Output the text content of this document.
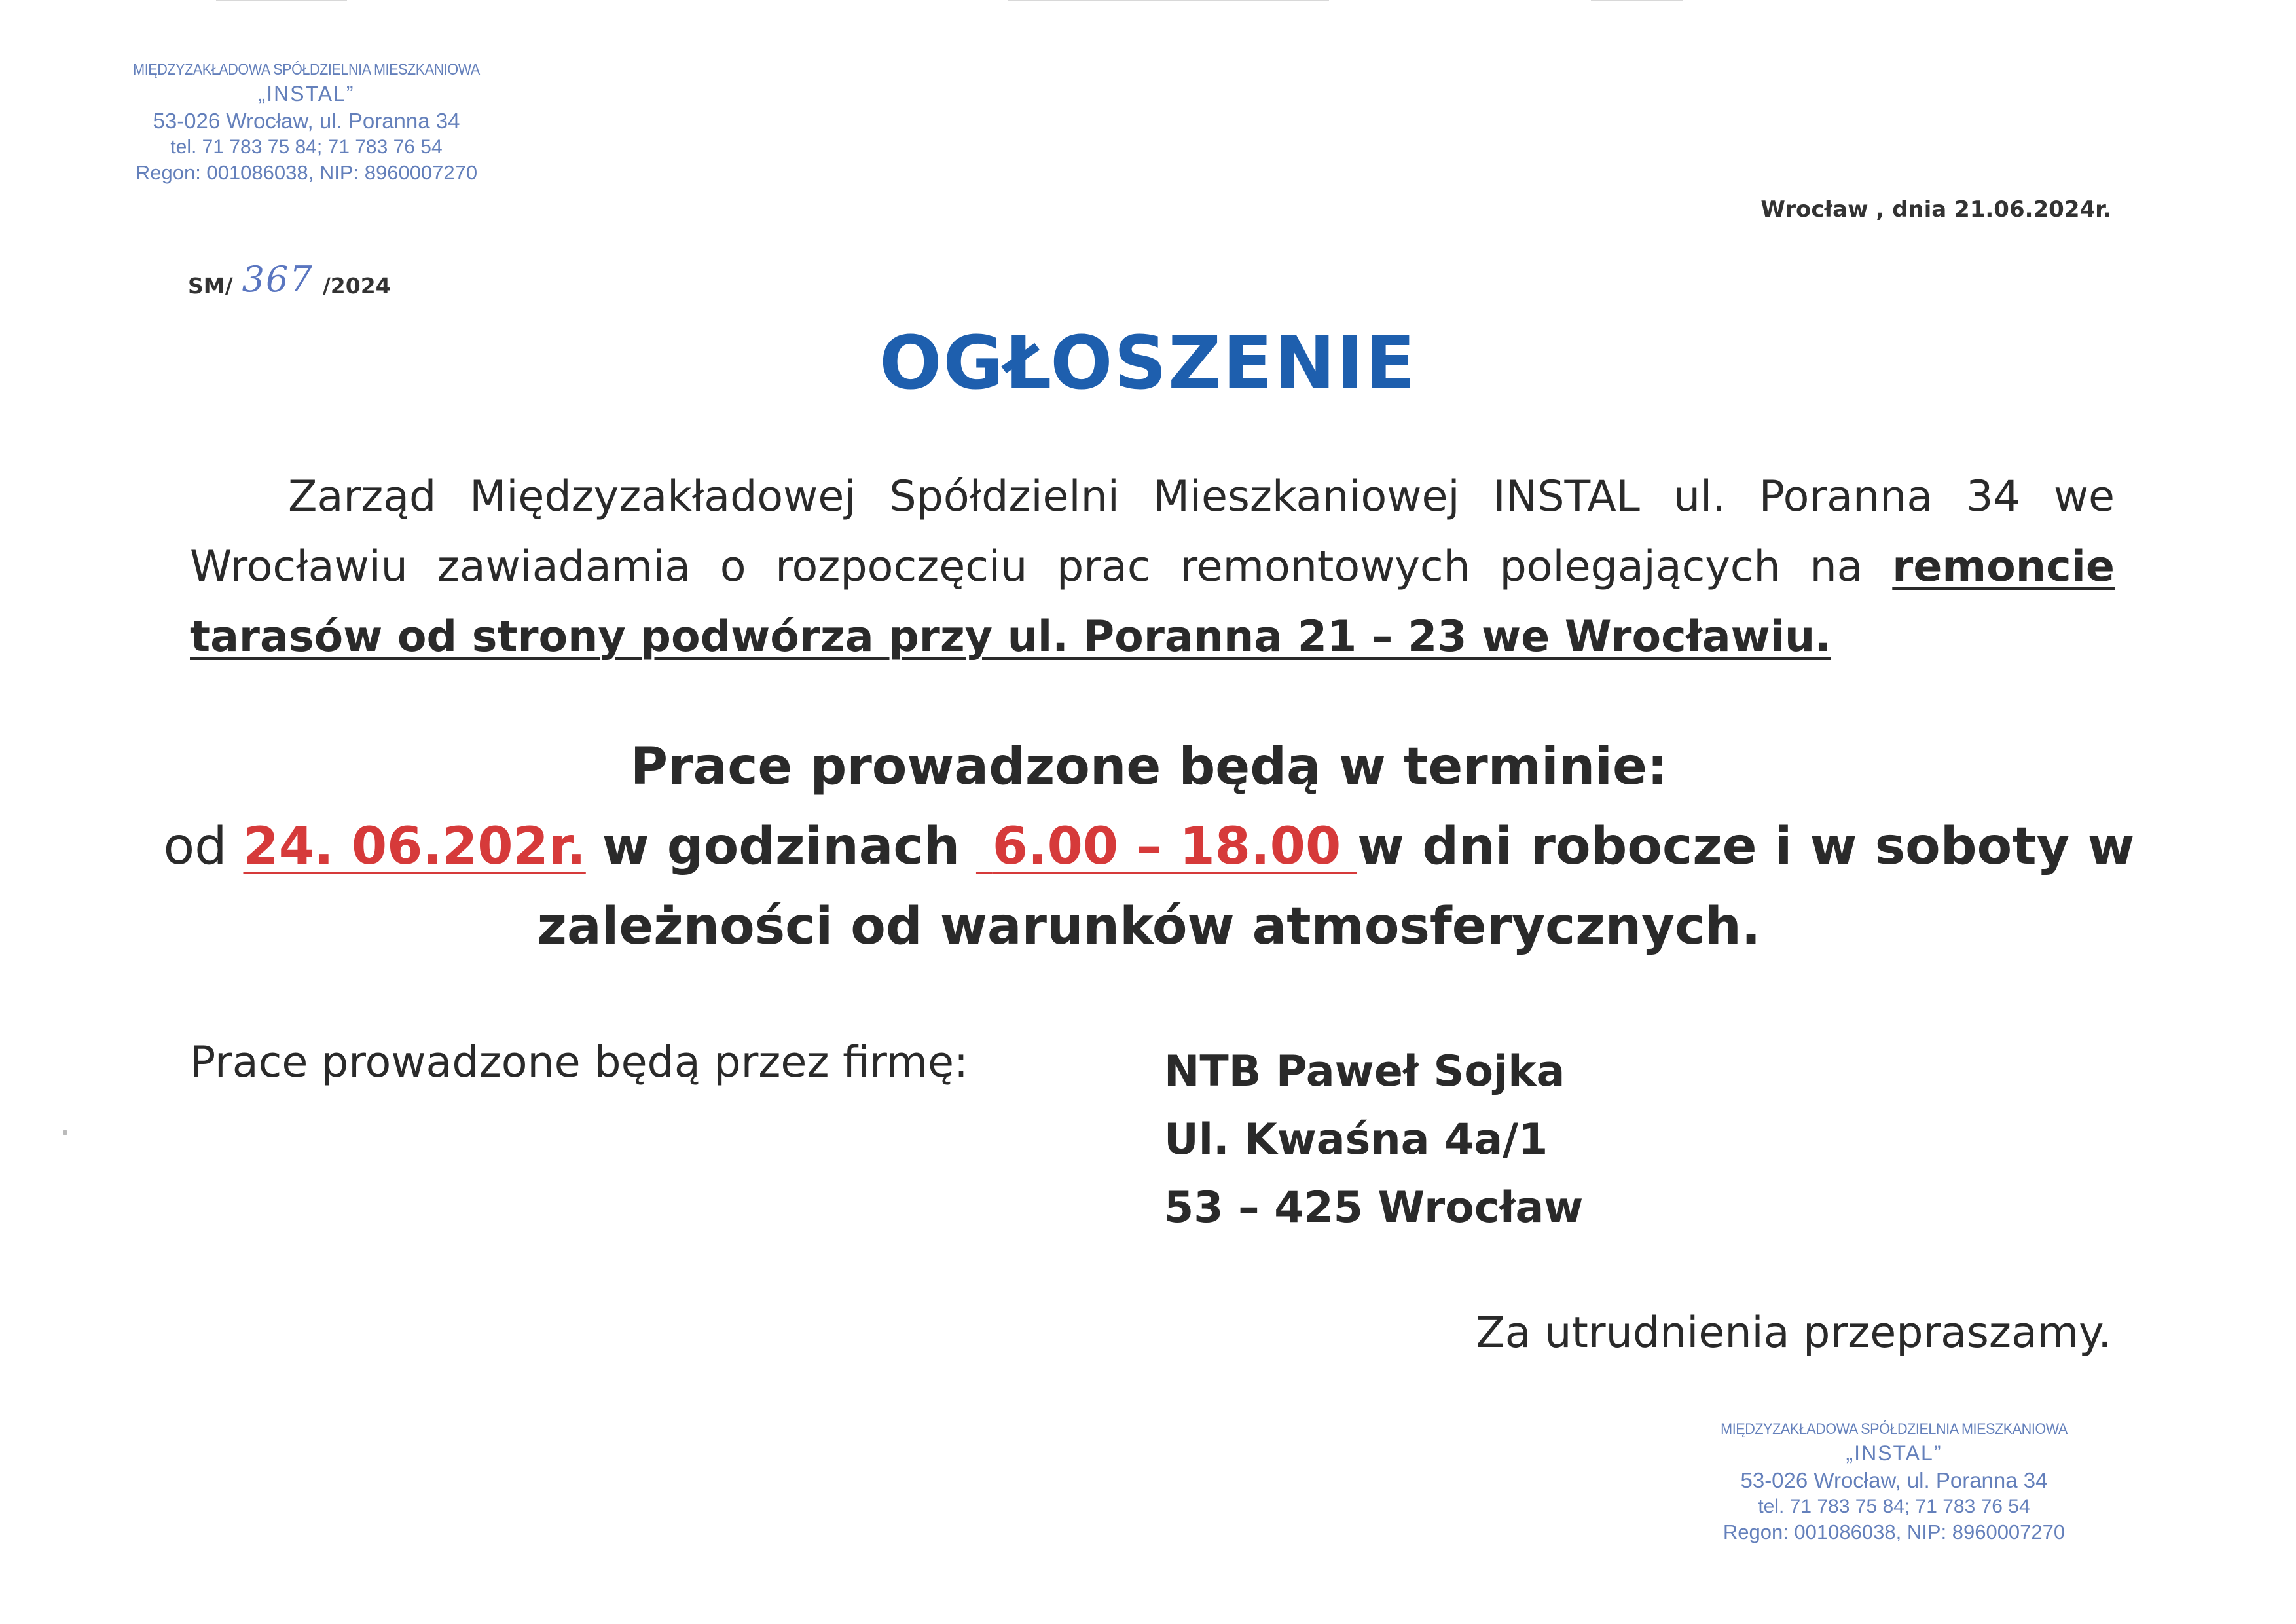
MIĘDZYZAKŁADOWA SPÓŁDZIELNIA MIESZKANIOWA
„INSTAL”
53-026 Wrocław, ul. Poranna 34
tel. 71 783 75 84; 71 783 76 54
Regon: 001086038, NIP: 8960007270
Wrocław , dnia 21.06.2024r.
SM/ 367 /2024
OGŁOSZENIE
Zarząd Międzyzakładowej Spółdzielni Mieszkaniowej INSTAL ul. Poranna 34 we Wrocławiu zawiadamia o rozpoczęciu prac remontowych polegających na remoncie tarasów od strony podwórza przy ul. Poranna 21 – 23 we Wrocławiu.
Prace prowadzone będą w terminie:
od 24. 06.202r. w godzinach 6.00 – 18.00 w dni robocze i w soboty w
zależności od warunków atmosferycznych.
Prace prowadzone będą przez firmę:	NTB Paweł Sojka
Ul. Kwaśna 4a/1
53 – 425 Wrocław
Za utrudnienia przepraszamy.
MIĘDZYZAKŁADOWA SPÓŁDZIELNIA MIESZKANIOWA
„INSTAL”
53-026 Wrocław, ul. Poranna 34
tel. 71 783 75 84; 71 783 76 54
Regon: 001086038, NIP: 8960007270
